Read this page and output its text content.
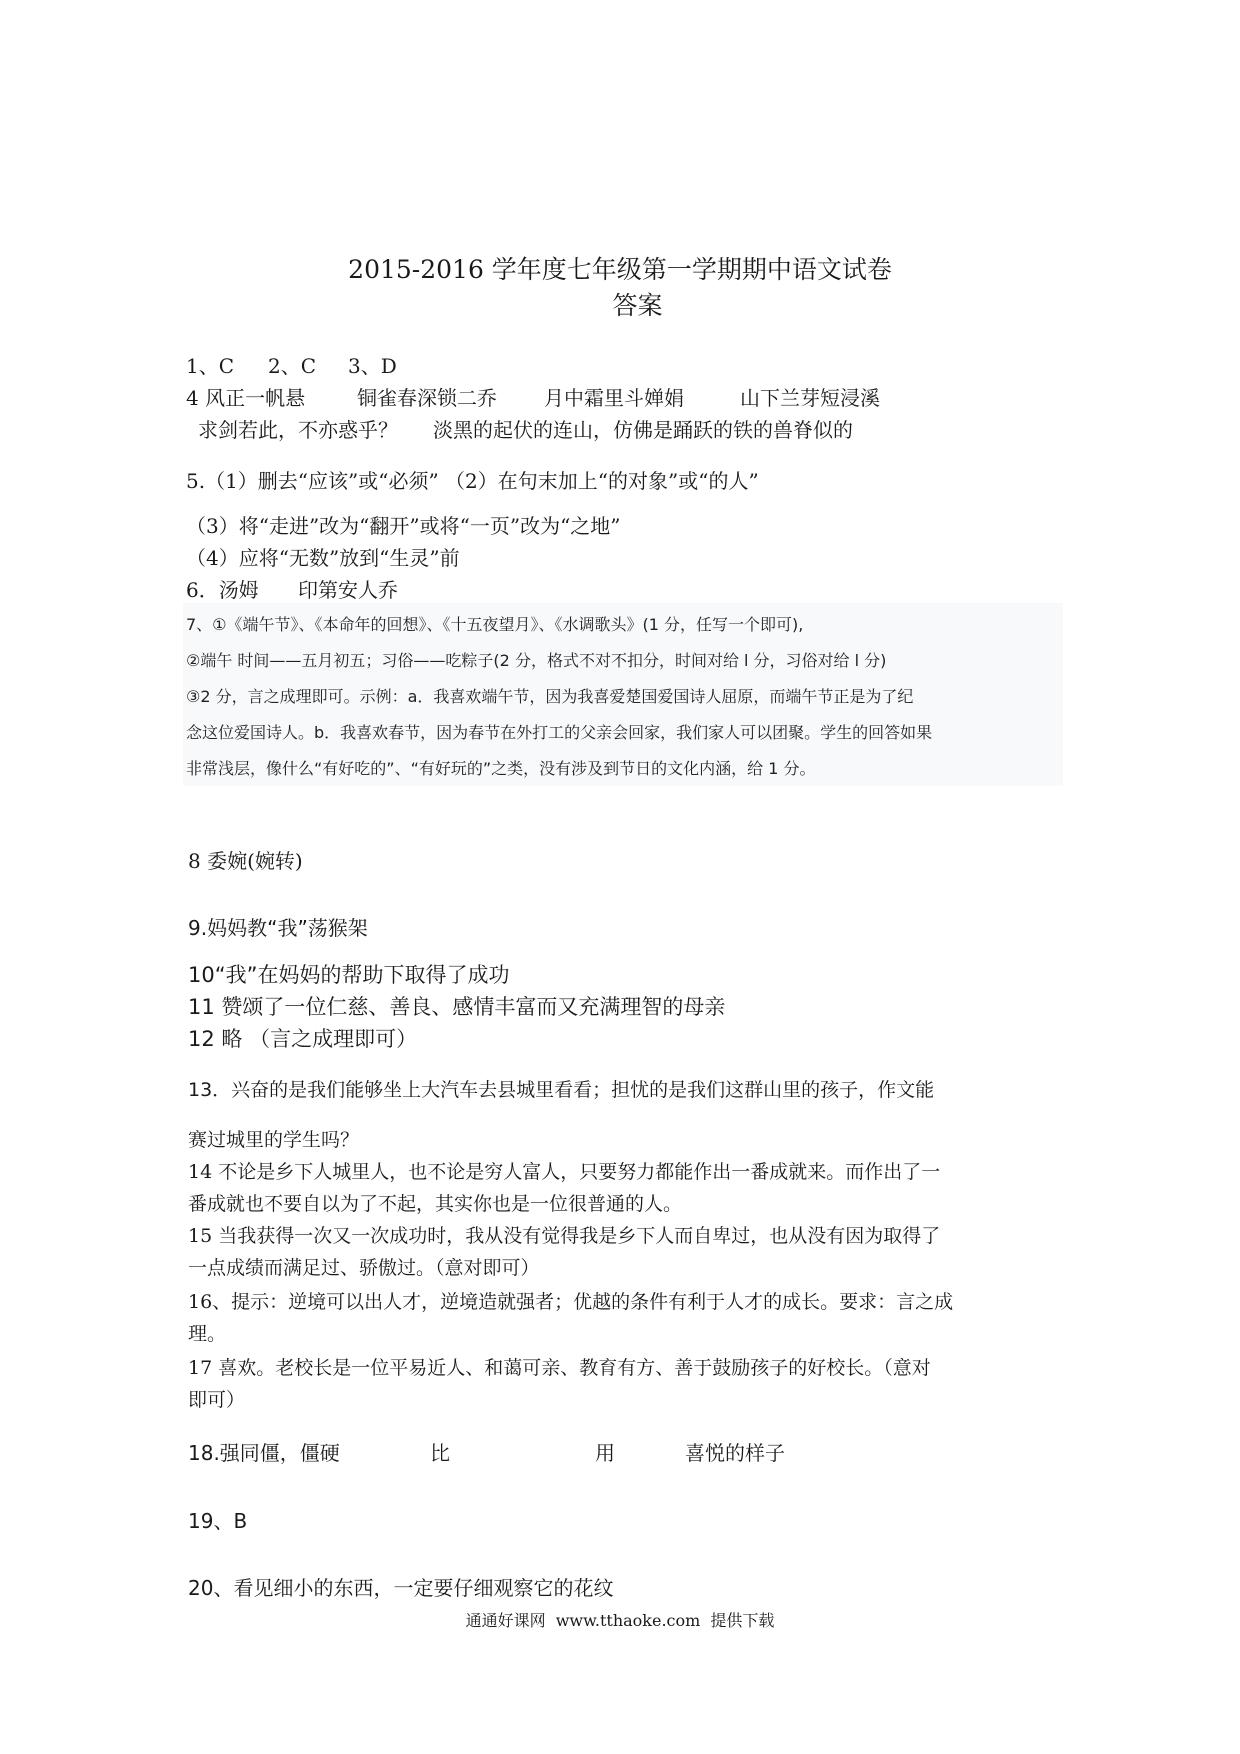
2015-2016 学年度七年级第一学期期中语文试卷
答案
1、C 2、C 3、D
4 风正一帆悬	铜雀春深锁二乔 月中霜里斗婵娟	山下兰芽短浸溪
求剑若此，不亦惑乎？ 淡黑的起伏的连山，仿佛是踊跃的铁的兽脊似的
5.（1）删去“应该”或“必须” （2）在句末加上“的对象”或“的人”
（3）将“走进”改为“翻开”或将“一页”改为“之地”
（4）应将“无数”放到“生灵”前
6．汤姆 印第安人乔
7、①《端午节》、《本命年的回想》、《十五夜望月》、《水调歌头》(1 分，任写一个即可),
②端午 时间——五月初五；习俗——吃粽子(2 分，格式不对不扣分，时间对给 l 分，习俗对给 l 分)
③2 分，言之成理即可。示例：a．我喜欢端午节，因为我喜爱楚国爱国诗人屈原，而端午节正是为了纪
念这位爱国诗人。b．我喜欢春节，因为春节在外打工的父亲会回家，我们家人可以团聚。学生的回答如果
非常浅层，像什么“有好吃的”、“有好玩的”之类，没有涉及到节日的文化内涵，给 1 分。
8 委婉(婉转)
9.妈妈教“我”荡猴架
10“我”在妈妈的帮助下取得了成功
11 赞颂了一位仁慈、善良、感情丰富而又充满理智的母亲
12 略 （言之成理即可）
13．兴奋的是我们能够坐上大汽车去县城里看看；担忧的是我们这群山里的孩子，作文能
赛过城里的学生吗？
14 不论是乡下人城里人，也不论是穷人富人，只要努力都能作出一番成就来。而作出了一
番成就也不要自以为了不起，其实你也是一位很普通的人。
15 当我获得一次又一次成功时，我从没有觉得我是乡下人而自卑过，也从没有因为取得了
一点成绩而满足过、骄傲过。（意对即可）
16、提示：逆境可以出人才，逆境造就强者；优越的条件有利于人才的成长。要求：言之成
理。
17 喜欢。老校长是一位平易近人、和蔼可亲、教育有方、善于鼓励孩子的好校长。（意对
即可）
18.强同僵，僵硬	比	用	喜悦的样子
19、B
20、看见细小的东西，一定要仔细观察它的花纹
通通好课网 www.tthaoke.com 提供下载
